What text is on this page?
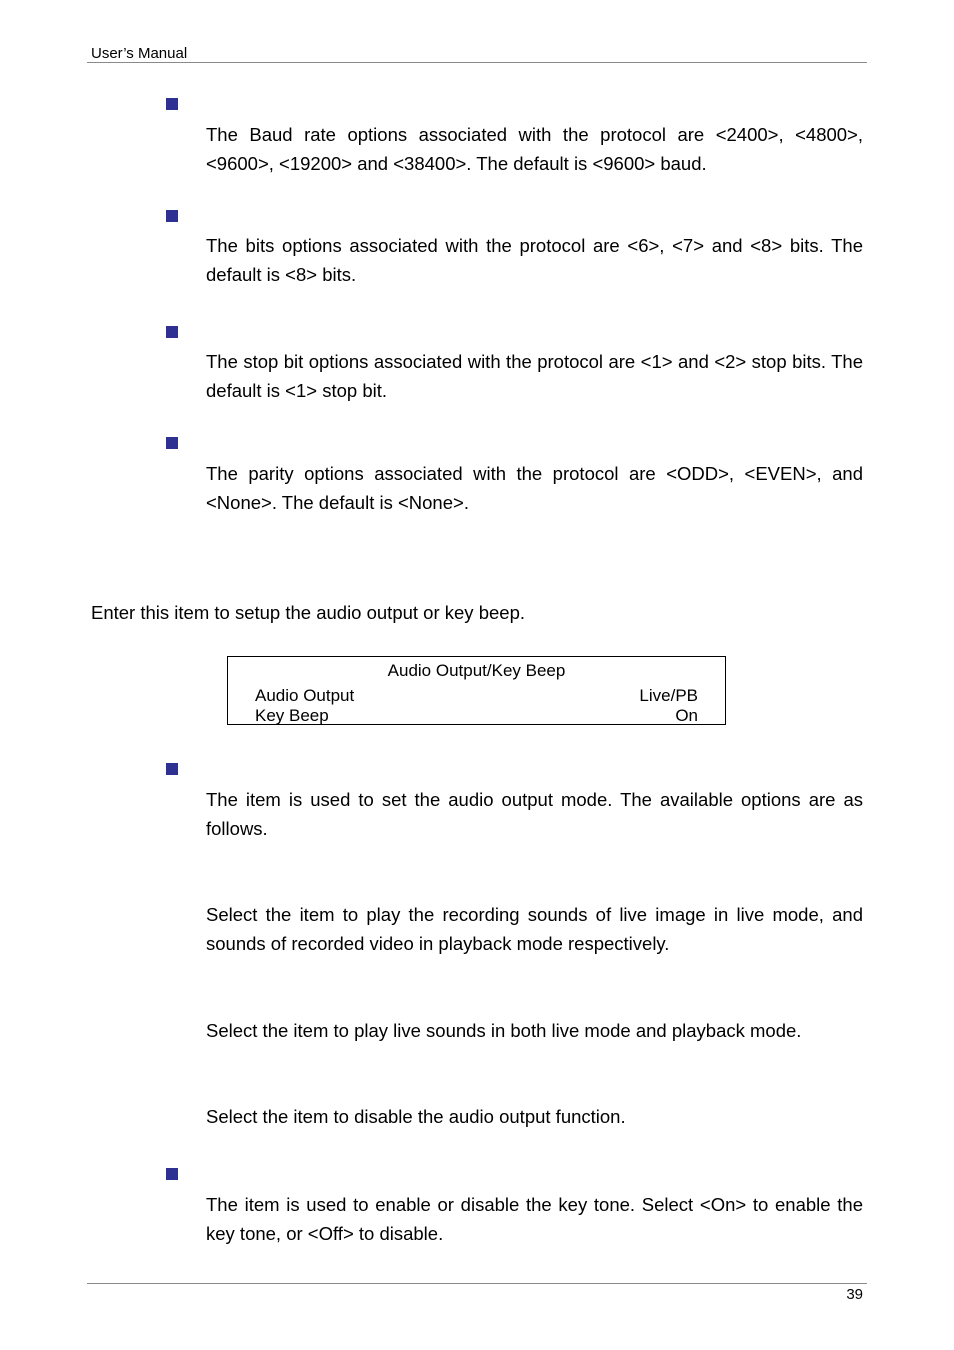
User’s Manual
The Baud rate options associated with the protocol are <2400>, <4800>, <9600>, <19200> and <38400>. The default is <9600> baud.
The bits options associated with the protocol are <6>, <7> and <8> bits. The default is <8> bits.
The stop bit options associated with the protocol are <1> and <2> stop bits. The default is <1> stop bit.
The parity options associated with the protocol are <ODD>, <EVEN>, and <None>. The default is <None>.
Enter this item to setup the audio output or key beep.
Audio Output/Key Beep
Audio Output	Live/PB
Key Beep	On
The item is used to set the audio output mode. The available options are as follows.
Select the item to play the recording sounds of live image in live mode, and sounds of recorded video in playback mode respectively.
Select the item to play live sounds in both live mode and playback mode.
Select the item to disable the audio output function.
The item is used to enable or disable the key tone. Select <On> to enable the key tone, or <Off> to disable.
39
